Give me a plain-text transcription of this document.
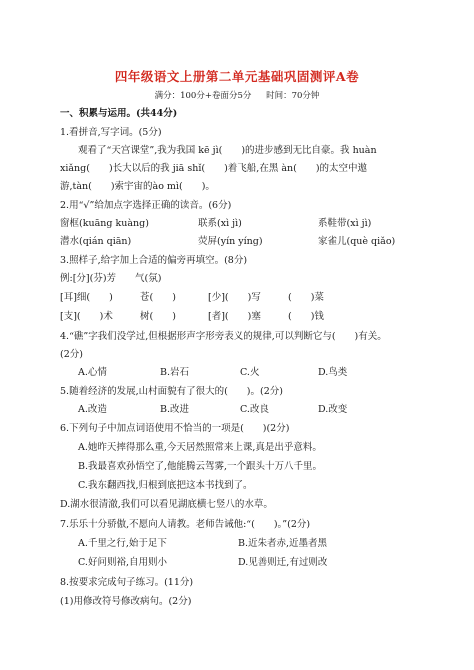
四年级语文上册第二单元基础巩固测评A卷
满分：100分+卷面分5分 时间：70分钟
一、积累与运用。(共44分)
1.看拼音,写字词。(5分)
观看了“天宫课堂”,我为我国 kē jì(　　)的进步感到无比自豪。我 huàn
xiǎng(　　)长大以后的我 jiā shǐ(　　)着飞船,在黑 àn(　　)的太空中遨
游,tàn(　　)索宇宙的ào mì(　　)。
2.用“√”给加点字选择正确的读音。(6分)
窗框(kuāng kuàng)	联系(xì jì)	系鞋带(xì jì)
潜水(qián qiān)	荧屏(yín yíng)	家雀儿(què qiǎo)
3.照样子,给字加上合适的偏旁再填空。(8分)
例:[分](芬)芳　　气(氛)
[耳]细(　　)	苍(　　)	[少](　　)写	(　　)菜
[支](　　)术	树(　　)	[者](　　)塞	(　　)钱
4.“礁”字我们没学过,但根据形声字形旁表义的规律,可以判断它与(　　)有关。
(2分)
A.心情	B.岩石	C.火	D.鸟类
5.随着经济的发展,山村面貌有了很大的(　　)。(2分)
A.改造	B.改进	C.改良	D.改变
6.下列句子中加点词语使用不恰当的一项是(　　)(2分)
A.她昨天摔得那么重,今天居然照常来上课,真是出乎意料。
B.我最喜欢孙悟空了,他能腾云驾雾,一个跟头十万八千里。
C.我东翻西找,归根到底把这本书找到了。
D.湖水很清澈,我们可以看见湖底横七竖八的水草。
7.乐乐十分骄傲,不愿向人请教。老师告诫他:“(　　)。”(2分)
A.千里之行,始于足下	B.近朱者赤,近墨者黑
C.好问则裕,自用则小	D.见善则迁,有过则改
8.按要求完成句子练习。(11分)
(1)用修改符号修改病句。(2分)
